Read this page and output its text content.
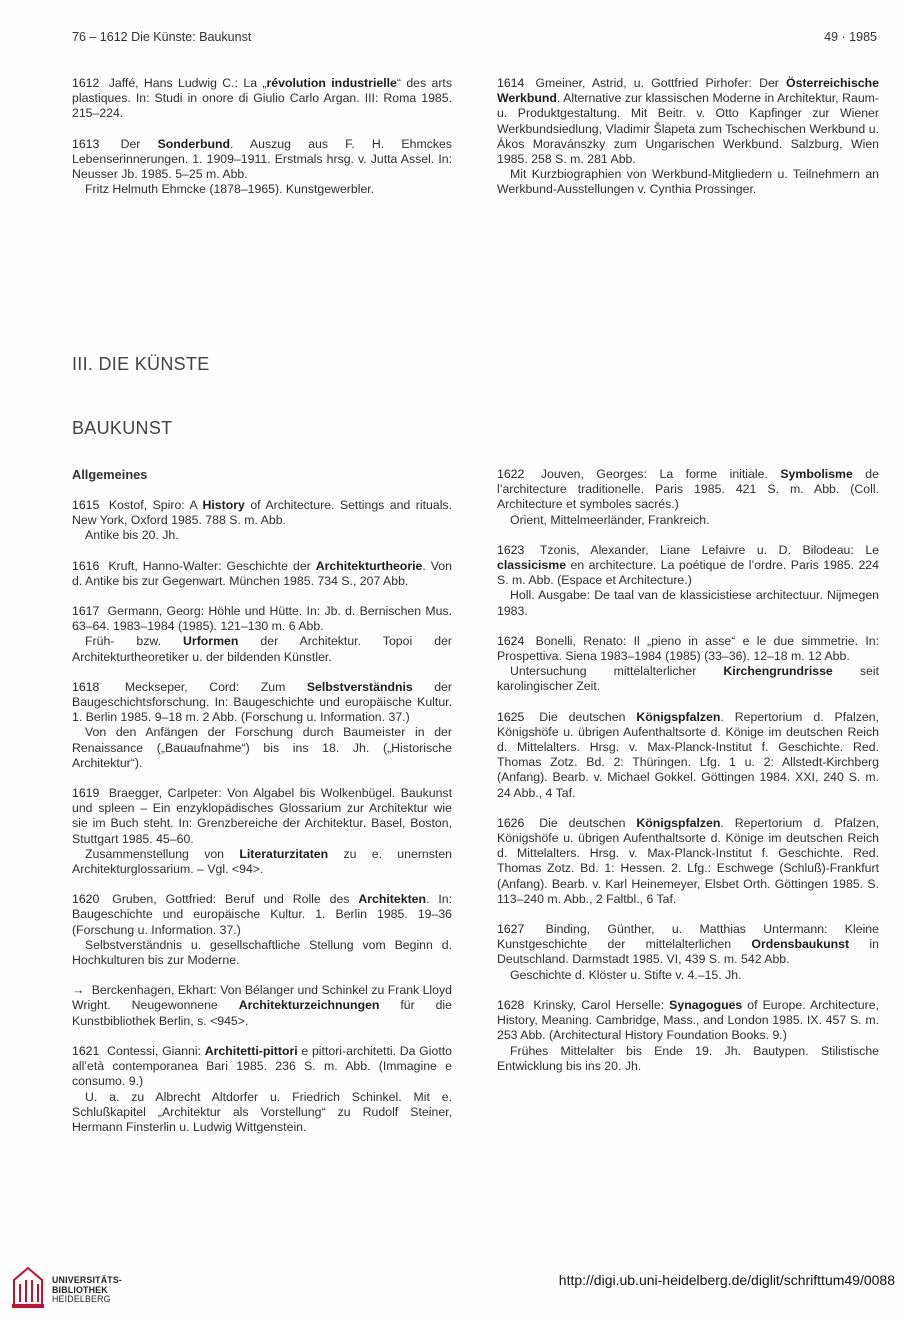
76 – 1612 Die Künste: Baukunst	49 · 1985

1612 Jaffé, Hans Ludwig C.: La „révolution industrielle“ des arts plastiques. In: Studi in onore di Giulio Carlo Argan. III: Roma 1985. 215–224.

1613 Der Sonderbund. Auszug aus F. H. Ehmckes Lebenserinnerungen. 1. 1909–1911. Erstmals hrsg. v. Jutta Assel. In: Neusser Jb. 1985. 5–25 m. Abb.

Fritz Helmuth Ehmcke (1878–1965). Kunstgewerbler.

1614 Gmeiner, Astrid, u. Gottfried Pirhofer: Der Österreichische Werkbund. Alternative zur klassischen Moderne in Architektur, Raum- u. Produktgestaltung. Mit Beitr. v. Otto Kapfinger zur Wiener Werkbundsiedlung, Vladimir Šlapeta zum Tschechischen Werkbund u. Ákos Moravánszky zum Ungarischen Werkbund. Salzburg, Wien 1985. 258 S. m. 281 Abb.

Mit Kurzbiographien von Werkbund-Mitgliedern u. Teilnehmern an Werkbund-Ausstellungen v. Cynthia Prossinger.

III. DIE KÜNSTE
BAUKUNST
Allgemeines

1615 Kostof, Spiro: A History of Architecture. Settings and rituals. New York, Oxford 1985. 788 S. m. Abb.

Antike bis 20. Jh.

1616 Kruft, Hanno-Walter: Geschichte der Architekturtheorie. Von d. Antike bis zur Gegenwart. München 1985. 734 S., 207 Abb.

1617 Germann, Georg: Höhle und Hütte. In: Jb. d. Bernischen Mus. 63–64. 1983–1984 (1985). 121–130 m. 6 Abb.

Früh- bzw. Urformen der Architektur. Topoi der Architekturtheoretiker u. der bildenden Künstler.

1618 Meckseper, Cord: Zum Selbstverständnis der Baugeschichtsforschung. In: Baugeschichte und europäische Kultur. 1. Berlin 1985. 9–18 m. 2 Abb. (Forschung u. Information. 37.)

Von den Anfängen der Forschung durch Baumeister in der Renaissance („Bauaufnahme“) bis ins 18. Jh. („Historische Architektur“).

1619 Braegger, Carlpeter: Von Algabel bis Wolkenbügel. Baukunst und spleen – Ein enzyklopädisches Glossarium zur Architektur wie sie im Buch steht. In: Grenzbereiche der Architektur. Basel, Boston, Stuttgart 1985. 45–60.

Zusammenstellung von Literaturzitaten zu e. unernsten Architekturglossarium. – Vgl. <94>.

1620 Gruben, Gottfried: Beruf und Rolle des Architekten. In: Baugeschichte und europäische Kultur. 1. Berlin 1985. 19–36 (Forschung u. Information. 37.)

Selbstverständnis u. gesellschaftliche Stellung vom Beginn d. Hochkulturen bis zur Moderne.

→ Berckenhagen, Ekhart: Von Bélanger und Schinkel zu Frank Lloyd Wright. Neugewonnene Architekturzeichnungen für die Kunstbibliothek Berlin, s. <945>.

1621 Contessi, Gianni: Architetti-pittori e pittori-architetti. Da Giotto all’età contemporanea Bari 1985. 236 S. m. Abb. (Immagine e consumo. 9.)

U. a. zu Albrecht Altdorfer u. Friedrich Schinkel. Mit e. Schlußkapitel „Architektur als Vorstellung“ zu Rudolf Steiner, Hermann Finsterlin u. Ludwig Wittgenstein.

1622 Jouven, Georges: La forme initiale. Symbolisme de l’architecture traditionelle. Paris 1985. 421 S. m. Abb. (Coll. Architecture et symboles sacrés.)

Orient, Mittelmeerländer, Frankreich.

1623 Tzonis, Alexander, Liane Lefaivre u. D. Bilodeau: Le classicisme en architecture. La poétique de l’ordre. Paris 1985. 224 S. m. Abb. (Espace et Architecture.)

Holl. Ausgabe: De taal van de klassicistiese architectuur. Nijmegen 1983.

1624 Bonelli, Renato: Il „pieno in asse“ e le due simmetrie. In: Prospettiva. Siena 1983–1984 (1985) (33–36). 12–18 m. 12 Abb.

Untersuchung mittelalterlicher Kirchengrundrisse seit karolingischer Zeit.

1625 Die deutschen Königspfalzen. Repertorium d. Pfalzen, Königshöfe u. übrigen Aufenthaltsorte d. Könige im deutschen Reich d. Mittelalters. Hrsg. v. Max-Planck-Institut f. Geschichte. Red. Thomas Zotz. Bd. 2: Thüringen. Lfg. 1 u. 2: Allstedt-Kirchberg (Anfang). Bearb. v. Michael Gokkel. Göttingen 1984. XXI, 240 S. m. 24 Abb., 4 Taf.

1626 Die deutschen Königspfalzen. Repertorium d. Pfalzen, Königshöfe u. übrigen Aufenthaltsorte d. Könige im deutschen Reich d. Mittelalters. Hrsg. v. Max-Planck-Institut f. Geschichte. Red. Thomas Zotz. Bd. 1: Hessen. 2. Lfg.: Eschwege (Schluß)-Frankfurt (Anfang). Bearb. v. Karl Heinemeyer, Elsbet Orth. Göttingen 1985. S. 113–240 m. Abb., 2 Faltbl., 6 Taf.

1627 Binding, Günther, u. Matthias Untermann: Kleine Kunstgeschichte der mittelalterlichen Ordensbaukunst in Deutschland. Darmstadt 1985. VI, 439 S. m. 542 Abb.

Geschichte d. Klöster u. Stifte v. 4.–15. Jh.

1628 Krinsky, Carol Herselle: Synagogues of Europe. Architecture, History, Meaning. Cambridge, Mass., and London 1985. IX. 457 S. m. 253 Abb. (Architectural History Foundation Books. 9.)

Frühes Mittelalter bis Ende 19. Jh. Bautypen. Stilistische Entwicklung bis ins 20. Jh.

UNIVERSITÄTS-
BIBLIOTHEK
HEIDELBERG
http://digi.ub.uni-heidelberg.de/diglit/schrifttum49/0088
